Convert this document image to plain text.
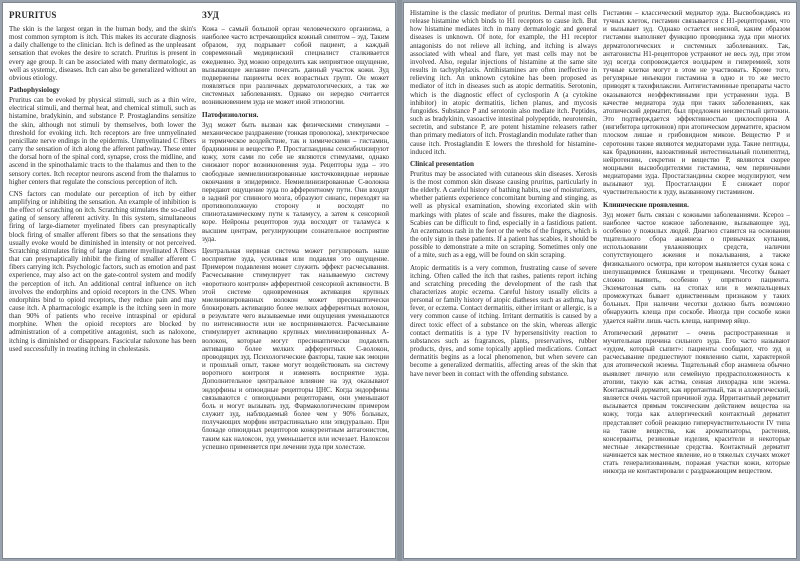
PRURITUS

The skin is the largest organ in the human body, and the skin's most common symptom is itch. This makes its accurate diagnosis a daily challenge to the clinician. Itch is defined as the unpleasant sensation that evokes the desire to scratch. Pruritus is present in every age group. It can be associated with many dermatologic, as well as systemic, diseases. Itch can also be generalized without an obvious etiology.

Pathophysiology

Pruritus can be evoked by physical stimuli, such as a thin wire, electrical stimuli, and thermal heat, and chemical stimuli, such as histamine, bradykinin, and substance P. Prostaglandins sensitize the skin, although not stimuli by themselves, both lower the threshold for evoking itch. Itch receptors are free unmyelinated penicillate nerve endings in the epidermis. Unmyelinated C fibers carry the sensation of itch along the afferent pathway. These enter the dorsal horn of the spinal cord, synapse, cross the midline, and ascend in the spinothalamic tracts to the thalamus and then to the sensory cortex. Itch receptor neurons ascend from the thalamus to higher centers that regulate the conscious perception of itch.

CNS factors can modulate our perception of itch by either amplifying or inhibiting the sensation. An example of inhibition is the effect of scratching on itch. Scratching stimulates the so-called gating of sensory afferent activity. In this system, simultaneous firing of large-diameter myelinated fibers can presynaptically block firing of smaller afferent fibers so that the sensations they usually evoke would be diminished in intensity or not perceived. Scratching stimulates firing of large diameter myelinated A fibers that can presynaptically inhibit the firing of smaller afferent C fibers carrying itch. Psychologic factors, such as emotion and past experience, may also act on the gate-control system and modify the perception of itch. An additional central influence on itch involves the endorphins and opioid receptors in the CNS. When endorphins bind to opioid receptors, they reduce pain and may cause itch. A pharmacologic example is the itching seen in more than 90% of patients who receive intraspinal or epidural morphine. When the opioid receptors are blocked by administration of a competitive antagonist, such as naloxone, itching is diminished or disappears. Fascicular naloxone has been used successfully in treating itching in cholestasis.

ЗУД

Кожа – самый большой орган человеческого организма, а наиболее часто встречающийся кожный симптом – зуд. Таким образом, зуд подрывает собой пациент, а каждый современный медицинский специалист сталкивается ежедневно. Зуд можно определить как неприятное ощущение, вызывающее желание почесать данный участок кожи. Зуд подвержены пациенты всех возрастных групп. Он может появляться при различных дерматологических, а так же системных заболеваниях. Однако он нередко считается возникновением зуда не может иной этиологии.

Патофизиология.

Зуд может быть вызван как физическими стимулами – механическое раздражение (тонкая проволока), электрическое и термическое воздействие, так и химическими – гистамин, брадикинин и вещество Р. Простагландины сенсибилизируют кожу, хотя сами по себе не являются стимулами, однако снижают порог возникновения зуда. Рецепторы зуда – это свободные немиелинизированные кисточковидные нервные окончания в эпидермисе. Немиелинизированные С-волокна передают ощущение зуда по афферентному пути. Они входят в задний рог спинного мозга, образуют синапс, переходят на противоположную сторону и восходят по спиноталамическому пути к таламусу, а затем к сенсорной коре. Нейроны рецепторов зуда восходят от таламуса к высшим центрам, регулирующим сознательное восприятие зуда.

Центральная нервная система может регулировать наше восприятие зуда, усиливая или подавляя это ощущение. Примером подавления может служить эффект расчесывания. Расчесывание стимулирует так называемую систему «воротного контроля» афферентной сенсорной активности. В этой системе одновременная активация крупных миелинизированных волокон может пресинаптически блокировать активацию более мелких афферентных волокон, в результате чего вызываемые ими ощущения уменьшаются по интенсивности или не воспринимаются. Расчесывание стимулирует активацию крупных миелинизированных А-волокон, которые могут пресинаптически подавлять активацию более мелких афферентных С-волокон, проводящих зуд. Психологические факторы, такие как эмоции и прошлый опыт, также могут воздействовать на систему воротного контроля и изменять восприятие зуда. Дополнительное центральное влияние на зуд оказывают эндорфины и опиоидные рецепторы ЦНС. Когда эндорфины связываются с опиоидными рецепторами, они уменьшают боль и могут вызывать зуд. Фармакологическим примером служит зуд, наблюдаемый более чем у 90% больных, получающих морфин интраспинально или эпидурально. При блокаде опиоидных рецепторов конкурентным антагонистом, таким как налоксон, зуд уменьшается или исчезает. Налоксон успешно применяется при лечении зуда при холестазе.

Histamine is the classic mediator of pruritus. Dermal mast cells release histamine which binds to H1 receptors to cause itch. But how histamine mediates itch in many dermatologic and general diseases is unknown. Of note, for example, the H1 receptor antagonists do not relieve all itching, and itching is always associated with wheal and flare, yet mast cells may not be involved. Also, regular injections of histamine at the same site results in tachyphylaxis. Antihistamines are often ineffective in relieving itch. An unknown cytokine has been proposed as mediator of itch in diseases such as atopic dermatitis. Serotonin, which is the diagnostic effect of cyclosporin A (a cytokine inhibitor) in atopic dermatitis, lichen planus, and mycosis fungoides. Substance P and serotonin also mediate itch. Peptides, such as bradykinin, vasoactive intestinal polypeptide, neurotensin, secretin, and substance P, are potent histamine releasers rather than primary mediators of itch. Prostaglandin modulate rather than cause itch. Prostaglandin E lowers the threshold for histamine-induced itch.

Clinical presentation

Pruritus may be associated with cutaneous skin diseases. Xerosis is the most common skin disease causing pruritus, particularly in the elderly. A careful history of bathing habits, use of moisturizers, whether patients experience concomitant burning and stinging, as well as physical examination, showing excoriated skin with markings with plates of scale and fissures, make the diagnosis. Scabies can be difficult to find, especially in a fastidious patient. An eczematous rash in the feet or the webs of the fingers, which is the only sign in these patients. If a patient has scabies, it should be possible to demonstrate a mite on scraping. Sometimes only one of a mite, such as a egg, will be found on skin scraping.

Atopic dermatitis is a very common, frustrating cause of severe itching. Often called the itch that rashes, patients report itching and scratching preceding the development of the rash that characterizes atopic eczema. Careful history usually elicits a personal or family history of atopic diatheses such as asthma, hay fever, or eczema. Contact dermatitis, either irritant or allergic, is a very common cause of itching. Irritant dermatitis is caused by a direct toxic effect of a substance on the skin, whereas allergic contact dermatitis is a type IV hypersensitivity reaction to substances such as fragrances, plants, preservatives, rubber products, dyes, and some topically applied medications. Contact dermatitis begins as a local phenomenon, but when severe can become a generalized dermatitis, affecting areas of the skin that have never been in contact with the offending substance.

Гистамин – классический медиатор зуда. Высвобождаясь из тучных клеток, гистамин связывается с Н1-рецепторами, что и вызывает зуд. Однако остается неясной, каким образом гистамин выполняет функцию проводника зуда при многих дерматологических и системных заболеваниях. Так, антагонисты Н1-рецепторов устраняют не весь зуд, при этом зуд всегда сопровождается волдырем и гиперемией, хотя тучные клетки могут в этом не участвовать. Кроме того, регулярные инъекции гистамина в одно и то же место приводят к тахифилаксии. Антигистаминные препараты часто оказываются неэффективными при устранении зуда. В качестве медиатора зуда при таких заболеваниях, как атопический дерматит, был предложен неизвестный цитокин. Это подтверждается эффективностью циклоспорина А (ингибитора цитокинов) при атопическом дерматите, красном плоском лишае и грибовидном микозе. Вещество Р и серотонин также являются медиаторами зуда. Такие пептиды, как брадикинин, вазоактивный интестинальный полипептид, нейротензин, секретин и вещество Р, являются скорее мощными высвободителями гистамина, чем первичными медиаторами зуда. Простагландины скорее модулируют, чем вызывают зуд. Простагландин Е снижает порог чувствительности к зуду, вызванному гистамином.

Клинические проявления.

Зуд может быть связан с кожными заболеваниями. Ксероз – наиболее частое кожное заболевание, вызывающее зуд, особенно у пожилых людей. Диагноз ставится на основании тщательного сбора анамнеза о привычках купания, использовании увлажняющих средств, наличии сопутствующего жжения и покалывания, а также физикального осмотра, при котором выявляется сухая кожа с шелушащимися бляшками и трещинами. Чесотку бывает сложно выявить, особенно у опрятного пациента. Экзематозная сыпь на стопах или в межпальцевых промежутках бывает единственным признаком у таких больных. При наличии чесотки должно быть возможно обнаружить клеща при соскобе. Иногда при соскобе кожи удается найти лишь часть клеща, например яйцо.

Атопический дерматит – очень распространенная и мучительная причина сильного зуда. Его часто называют «зудом, который сыпит»: пациенты сообщают, что зуд и расчесывание предшествуют появлению сыпи, характерной для атопической экземы. Тщательный сбор анамнеза обычно выявляет личную или семейную предрасположенность к атопии, такую как астма, сенная лихорадка или экзема. Контактный дерматит, как ирритантный, так и аллергический, является очень частой причиной зуда. Ирритантный дерматит вызывается прямым токсическим действием вещества на кожу, тогда как аллергический контактный дерматит представляет собой реакцию гиперчувствительности IV типа на такие вещества, как ароматизаторы, растения, консерванты, резиновые изделия, красители и некоторые местные лекарственные средства. Контактный дерматит начинается как местное явление, но в тяжелых случаях может стать генерализованным, поражая участки кожи, которые никогда не контактировали с раздражающим веществом.
